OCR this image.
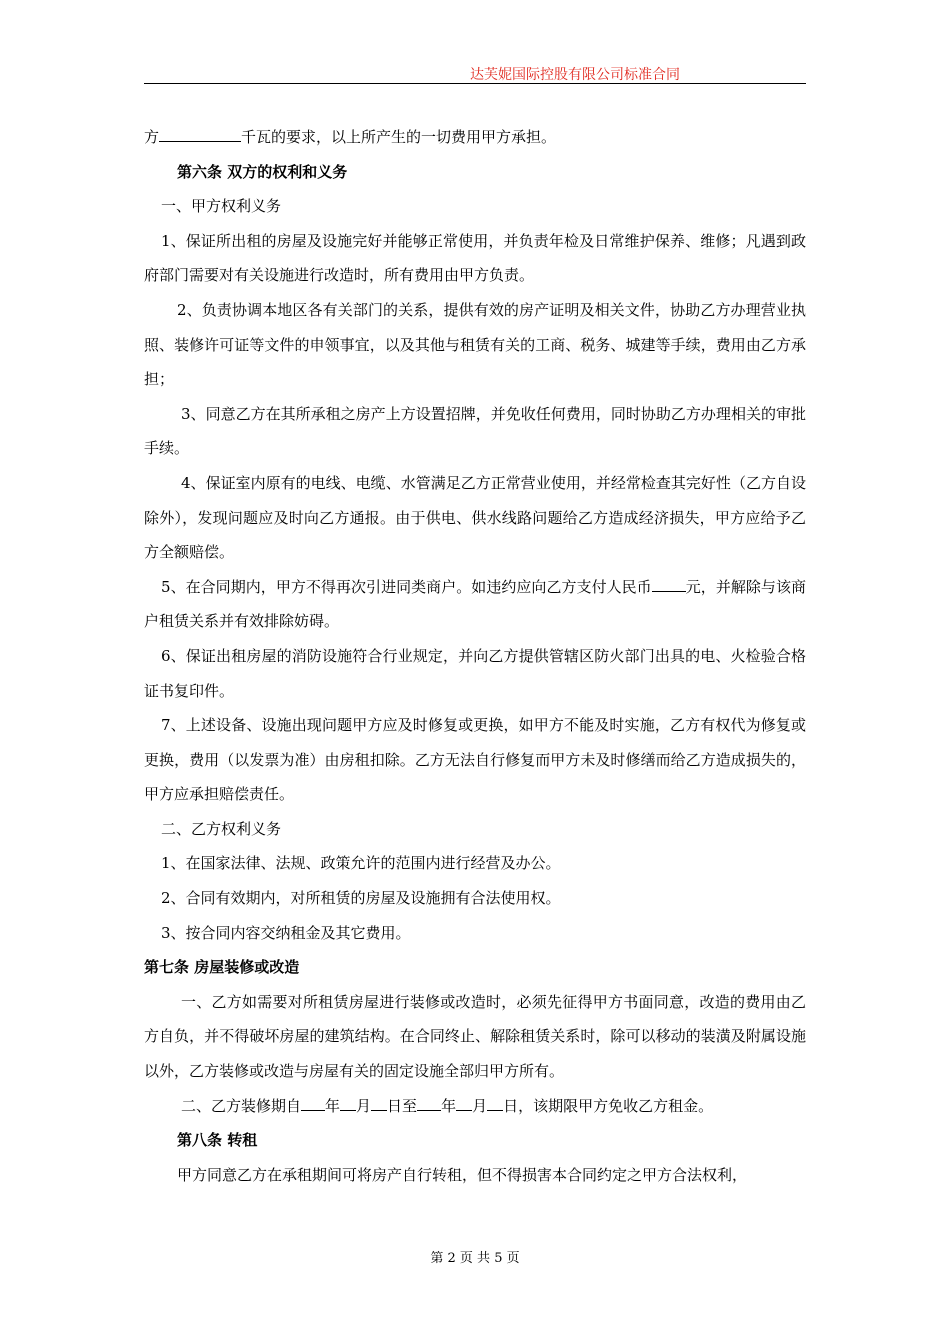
达芙妮国际控股有限公司标准合同

方	千瓦的要求，以上所产生的一切费用甲方承担。

第六条 双方的权利和义务

一、甲方权利义务

1、保证所出租的房屋及设施完好并能够正常使用，并负责年检及日常维护保养、维修；凡遇到政府部门需要对有关设施进行改造时，所有费用由甲方负责。

2、负责协调本地区各有关部门的关系，提供有效的房产证明及相关文件，协助乙方办理营业执照、装修许可证等文件的申领事宜，以及其他与租赁有关的工商、税务、城建等手续，费用由乙方承担；

3、同意乙方在其所承租之房产上方设置招牌，并免收任何费用，同时协助乙方办理相关的审批手续。

4、保证室内原有的电线、电缆、水管满足乙方正常营业使用，并经常检查其完好性（乙方自设除外），发现问题应及时向乙方通报。由于供电、供水线路问题给乙方造成经济损失，甲方应给予乙方全额赔偿。

5、在合同期内，甲方不得再次引进同类商户。如违约应向乙方支付人民币 元，并解除与该商户租赁关系并有效排除妨碍。

6、保证出租房屋的消防设施符合行业规定，并向乙方提供管辖区防火部门出具的电、火检验合格证书复印件。

7、上述设备、设施出现问题甲方应及时修复或更换，如甲方不能及时实施，乙方有权代为修复或更换，费用（以发票为准）由房租扣除。乙方无法自行修复而甲方未及时修缮而给乙方造成损失的，甲方应承担赔偿责任。

二、乙方权利义务

1、在国家法律、法规、政策允许的范围内进行经营及办公。

2、合同有效期内，对所租赁的房屋及设施拥有合法使用权。

3、按合同内容交纳租金及其它费用。

第七条 房屋装修或改造

一、乙方如需要对所租赁房屋进行装修或改造时，必须先征得甲方书面同意，改造的费用由乙方自负，并不得破坏房屋的建筑结构。在合同终止、解除租赁关系时，除可以移动的装潢及附属设施以外，乙方装修或改造与房屋有关的固定设施全部归甲方所有。

二、乙方装修期自 年 月 日至 年 月 日，该期限甲方免收乙方租金。

第八条 转租

甲方同意乙方在承租期间可将房产自行转租，但不得损害本合同约定之甲方合法权利，

第 2 页 共 5 页
